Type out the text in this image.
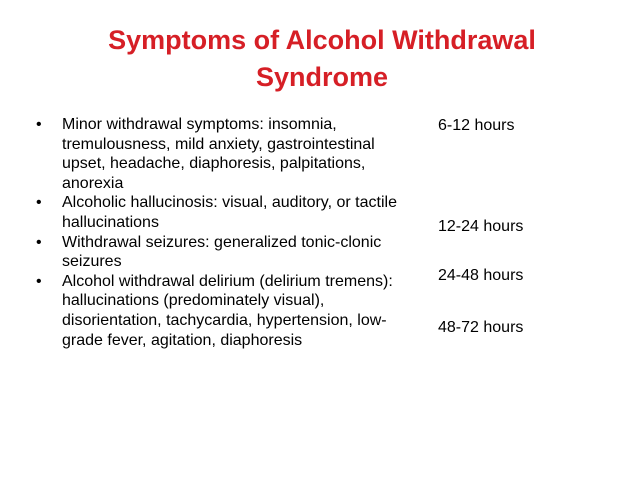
Symptoms of Alcohol Withdrawal
Syndrome
• Minor withdrawal symptoms: insomnia, tremulousness, mild anxiety, gastrointestinal upset, headache, diaphoresis, palpitations, anorexia
• Alcoholic hallucinosis: visual, auditory, or tactile hallucinations
• Withdrawal seizures: generalized tonic-clonic seizures
• Alcohol withdrawal delirium (delirium tremens): hallucinations (predominately visual), disorientation, tachycardia, hypertension, low-grade fever, agitation, diaphoresis
6-12 hours
12-24 hours
24-48 hours
48-72 hours
